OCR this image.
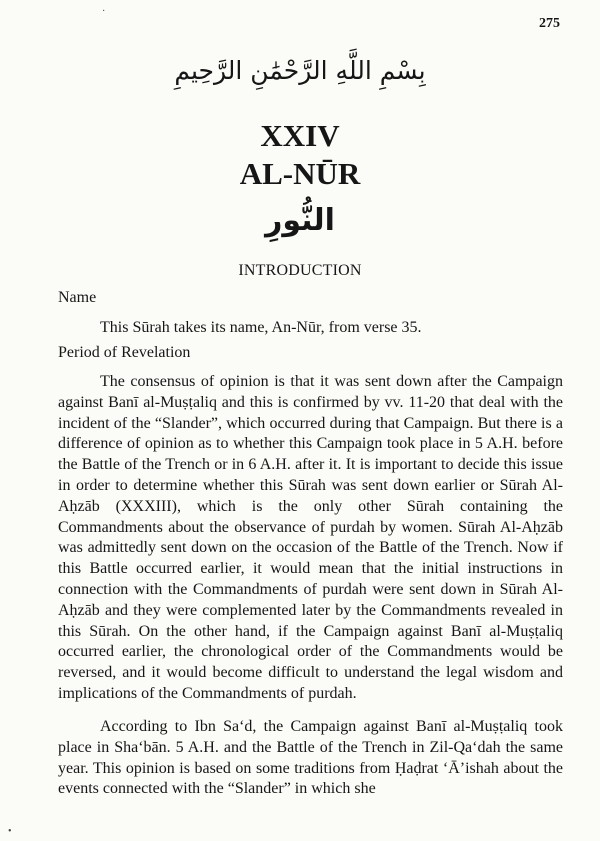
275
بِسْمِ اللَّهِ الرَّحْمَٰنِ الرَّحِيمِ
XXIV
AL-NŪR
النُّورِ
INTRODUCTION
Name

This Sūrah takes its name, An-Nūr, from verse 35.

Period of Revelation

The consensus of opinion is that it was sent down after the Campaign against Banī al-Muṣṭaliq and this is confirmed by vv. 11-20 that deal with the incident of the “Slander”, which occurred during that Campaign. But there is a difference of opinion as to whether this Campaign took place in 5 A.H. before the Battle of the Trench or in 6 A.H. after it. It is important to decide this issue in order to determine whether this Sūrah was sent down earlier or Sūrah Al-Aḥzāb (XXXIII), which is the only other Sūrah containing the Commandments about the observance of purdah by women. Sūrah Al-Aḥzāb was admittedly sent down on the occasion of the Battle of the Trench. Now if this Battle occurred earlier, it would mean that the initial instructions in connection with the Commandments of purdah were sent down in Sūrah Al-Aḥzāb and they were complemented later by the Commandments revealed in this Sūrah. On the other hand, if the Campaign against Banī al-Muṣṭaliq occurred earlier, the chronological order of the Commandments would be reversed, and it would become difficult to understand the legal wisdom and implications of the Commandments of purdah.

According to Ibn Sa‘d, the Campaign against Banī al-Muṣṭaliq took place in Sha‘bān. 5 A.H. and the Battle of the Trench in Zil-Qa‘dah the same year. This opinion is based on some traditions from Ḥaḍrat ‘Ā’ishah about the events connected with the “Slander” in which she

·
•
